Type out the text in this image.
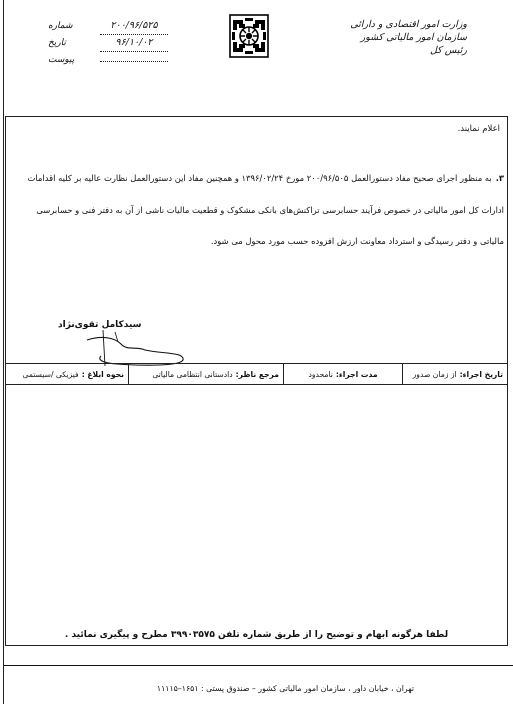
وزارت امور اقتصادی و دارائی
سازمان امور مالیاتی کشور
رئیس کل
۲۰۰/۹۶/۵۲۵
شماره
۹۶/۱۰/۰۲
تاریخ
پیوست
اعلام نمایند.
۳.به منظور اجرای صحیح مفاد دستورالعمل ۲۰۰/۹۶/۵۰۵ مورخ ۱۳۹۶/۰۲/۲۴ و همچنین مفاد این دستورالعمل نظارت عالیه بر کلیه اقدامات ادارات کل امور مالیاتی در خصوص فرآیند حسابرسی تراکنش‌های بانکی مشکوک و قطعیت مالیات ناشی از آن به دفتر فنی و حسابرسی مالیاتی و دفتر رسیدگی و استرداد معاونت ارزش افزوده حسب مورد محول می شود.
سیدکامل تقوی‌نژاد
تاریخ اجراء:
از زمان صدور
مدت اجراء:
نامحدود
مرجع ناظر:
دادستانی انتظامی مالیاتی
نحوه ابلاغ :
فیزیکی /سیستمی
لطفا هرگونه ابهام و توضیح را از طریق شماره تلفن ۳۹۹۰۳۵۷۵ مطرح و پیگیری نمائید .
تهران ، خیابان داور ، سازمان امور مالیاتی کشور – صندوق پستی : ۱۶۵۱–۱۱۱۱۵
